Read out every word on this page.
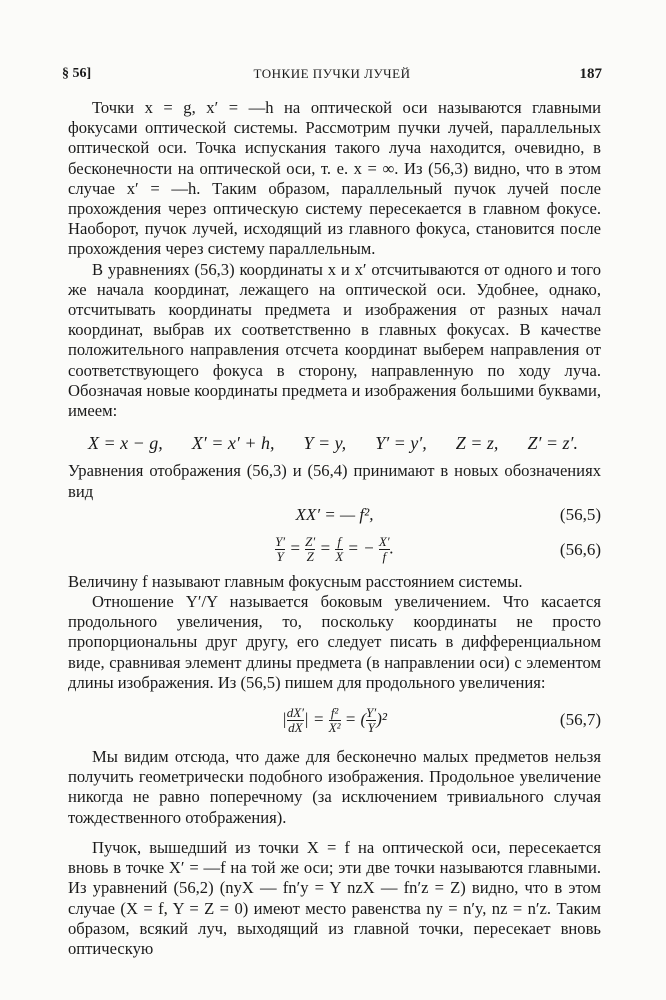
§ 56]	ТОНКИЕ ПУЧКИ ЛУЧЕЙ	187

Точки x = g, x′ = —h на оптической оси называются главными фокусами оптической системы. Рассмотрим пучки лучей, параллельных оптической оси. Точка испускания такого луча находится, очевидно, в бесконечности на оптической оси, т. е. x = ∞. Из (56,3) видно, что в этом случае x′ = —h. Таким образом, параллельный пучок лучей после прохождения через оптическую систему пересекается в главном фокусе. Наоборот, пучок лучей, исходящий из главного фокуса, становится после прохождения через систему параллельным.

В уравнениях (56,3) координаты x и x′ отсчитываются от одного и того же начала координат, лежащего на оптической оси. Удобнее, однако, отсчитывать координаты предмета и изображения от разных начал координат, выбрав их соответственно в главных фокусах. В качестве положительного направления отсчета координат выберем направления от соответствующего фокуса в сторону, направленную по ходу луча. Обозначая новые координаты предмета и изображения большими буквами, имеем:

X = x − g, X′ = x′ + h, Y = y, Y′ = y′, Z = z, Z′ = z′.

Уравнения отображения (56,3) и (56,4) принимают в новых обозначениях вид

XX′ = — f²,	(56,5)
$\frac{Y'}{Y} = \frac{Z'}{Z} = \frac{f}{X}$ = − $\frac{X'}{f}$ .	(56,6)

Величину f называют главным фокусным расстоянием системы.

Отношение Y′/Y называется боковым увеличением. Что касается продольного увеличения, то, поскольку координаты не просто пропорциональны друг другу, его следует писать в дифференциальном виде, сравнивая элемент длины предмета (в направлении оси) с элементом длины изображения. Из (56,5) пишем для продольного увеличения:

| $\frac{dX'}{dX}$ | = $\frac{\text{f²}}{\text{X²}}$ = ( $\frac{Y'}{Y} )^2$	(56,7)

Мы видим отсюда, что даже для бесконечно малых предметов нельзя получить геометрически подобного изображения. Продольное увеличение никогда не равно поперечному (за исключением тривиального случая тождественного отображения).

Пучок, вышедший из точки X = f на оптической оси, пересекается вновь в точке X′ = —f на той же оси; эти две точки называются главными. Из уравнений (56,2) (nyX — fn′y = Y nzX — fn′z = Z) видно, что в этом случае (X = f, Y = Z = 0) имеют место равенства ny = n′y, nz = n′z. Таким образом, всякий луч, выходящий из главной точки, пересекает вновь оптическую
